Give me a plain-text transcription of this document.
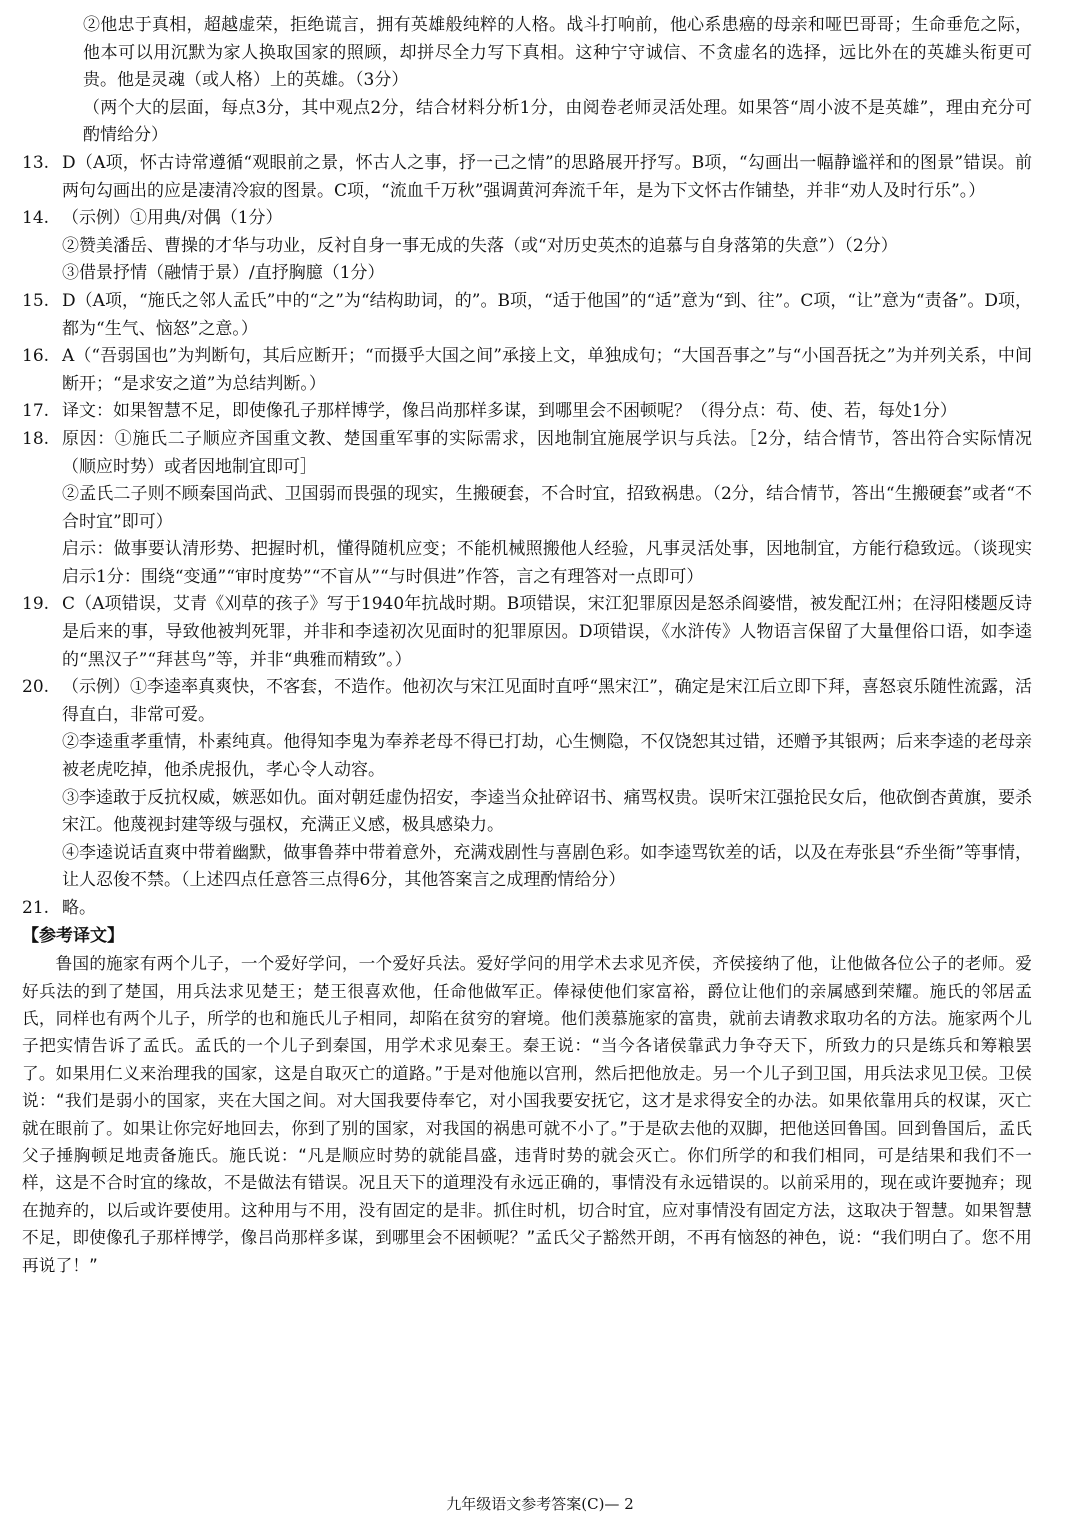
②他忠于真相，超越虚荣，拒绝谎言，拥有英雄般纯粹的人格。战斗打响前，他心系患癌的母亲和哑巴哥哥；生命垂危之际，他本可以用沉默为家人换取国家的照顾，却拼尽全力写下真相。这种宁守诚信、不贪虚名的选择，远比外在的英雄头衔更可贵。他是灵魂（或人格）上的英雄。（3分）

（两个大的层面，每点3分，其中观点2分，结合材料分析1分，由阅卷老师灵活处理。如果答“周小波不是英雄”，理由充分可酌情给分）

13. D（A项，怀古诗常遵循“观眼前之景，怀古人之事，抒一己之情”的思路展开抒写。B项，“勾画出一幅静谧祥和的图景”错误。前两句勾画出的应是凄清冷寂的图景。C项，“流血千万秋”强调黄河奔流千年，是为下文怀古作铺垫，并非“劝人及时行乐”。）
14. （示例）①用典/对偶（1分）

②赞美潘岳、曹操的才华与功业，反衬自身一事无成的失落（或“对历史英杰的追慕与自身落第的失意”）（2分）

③借景抒情（融情于景）/直抒胸臆（1分）

15. D（A项，“施氏之邻人孟氏”中的“之”为“结构助词，的”。B项，“适于他国”的“适”意为“到、往”。C项，“让”意为“责备”。D项，都为“生气、恼怒”之意。）
16. A（“吾弱国也”为判断句，其后应断开；“而摄乎大国之间”承接上文，单独成句；“大国吾事之”与“小国吾抚之”为并列关系，中间断开；“是求安之道”为总结判断。）
17. 译文：如果智慧不足，即使像孔子那样博学，像吕尚那样多谋，到哪里会不困顿呢？（得分点：苟、使、若，每处1分）
18. 原因：①施氏二子顺应齐国重文教、楚国重军事的实际需求，因地制宜施展学识与兵法。［2分，结合情节，答出符合实际情况（顺应时势）或者因地制宜即可］

②孟氏二子则不顾秦国尚武、卫国弱而畏强的现实，生搬硬套，不合时宜，招致祸患。（2分，结合情节，答出“生搬硬套”或者“不合时宜”即可）

启示：做事要认清形势、把握时机，懂得随机应变；不能机械照搬他人经验，凡事灵活处事，因地制宜，方能行稳致远。（谈现实启示1分：围绕“变通”“审时度势”“不盲从”“与时俱进”作答，言之有理答对一点即可）

19. C（A项错误，艾青《刈草的孩子》写于1940年抗战时期。B项错误，宋江犯罪原因是怒杀阎婆惜，被发配江州；在浔阳楼题反诗是后来的事，导致他被判死罪，并非和李逵初次见面时的犯罪原因。D项错误，《水浒传》人物语言保留了大量俚俗口语，如李逵的“黑汉子”“拜甚鸟”等，并非“典雅而精致”。）
20. （示例）①李逵率真爽快，不客套，不造作。他初次与宋江见面时直呼“黑宋江”，确定是宋江后立即下拜，喜怒哀乐随性流露，活得直白，非常可爱。

②李逵重孝重情，朴素纯真。他得知李鬼为奉养老母不得已打劫，心生恻隐，不仅饶恕其过错，还赠予其银两；后来李逵的老母亲被老虎吃掉，他杀虎报仇，孝心令人动容。

③李逵敢于反抗权威，嫉恶如仇。面对朝廷虚伪招安，李逵当众扯碎诏书、痛骂权贵。误听宋江强抢民女后，他砍倒杏黄旗，要杀宋江。他蔑视封建等级与强权，充满正义感，极具感染力。

④李逵说话直爽中带着幽默，做事鲁莽中带着意外，充满戏剧性与喜剧色彩。如李逵骂钦差的话，以及在寿张县“乔坐衙”等事情，让人忍俊不禁。（上述四点任意答三点得6分，其他答案言之成理酌情给分）

21. 略。

【参考译文】

　　鲁国的施家有两个儿子，一个爱好学问，一个爱好兵法。爱好学问的用学术去求见齐侯，齐侯接纳了他，让他做各位公子的老师。爱好兵法的到了楚国，用兵法求见楚王；楚王很喜欢他，任命他做军正。俸禄使他们家富裕，爵位让他们的亲属感到荣耀。施氏的邻居孟氏，同样也有两个儿子，所学的也和施氏儿子相同，却陷在贫穷的窘境。他们羡慕施家的富贵，就前去请教求取功名的方法。施家两个儿子把实情告诉了孟氏。孟氏的一个儿子到秦国，用学术求见秦王。秦王说：“当今各诸侯靠武力争夺天下，所致力的只是练兵和筹粮罢了。如果用仁义来治理我的国家，这是自取灭亡的道路。”于是对他施以宫刑，然后把他放走。另一个儿子到卫国，用兵法求见卫侯。卫侯说：“我们是弱小的国家，夹在大国之间。对大国我要侍奉它，对小国我要安抚它，这才是求得安全的办法。如果依靠用兵的权谋，灭亡就在眼前了。如果让你完好地回去，你到了别的国家，对我国的祸患可就不小了。”于是砍去他的双脚，把他送回鲁国。回到鲁国后，孟氏父子捶胸顿足地责备施氏。施氏说：“凡是顺应时势的就能昌盛，违背时势的就会灭亡。你们所学的和我们相同，可是结果和我们不一样，这是不合时宜的缘故，不是做法有错误。况且天下的道理没有永远正确的，事情没有永远错误的。以前采用的，现在或许要抛弃；现在抛弃的，以后或许要使用。这种用与不用，没有固定的是非。抓住时机，切合时宜，应对事情没有固定方法，这取决于智慧。如果智慧不足，即使像孔子那样博学，像吕尚那样多谋，到哪里会不困顿呢？”孟氏父子豁然开朗，不再有恼怒的神色，说：“我们明白了。您不用再说了！”

九年级语文参考答案(C)— 2
